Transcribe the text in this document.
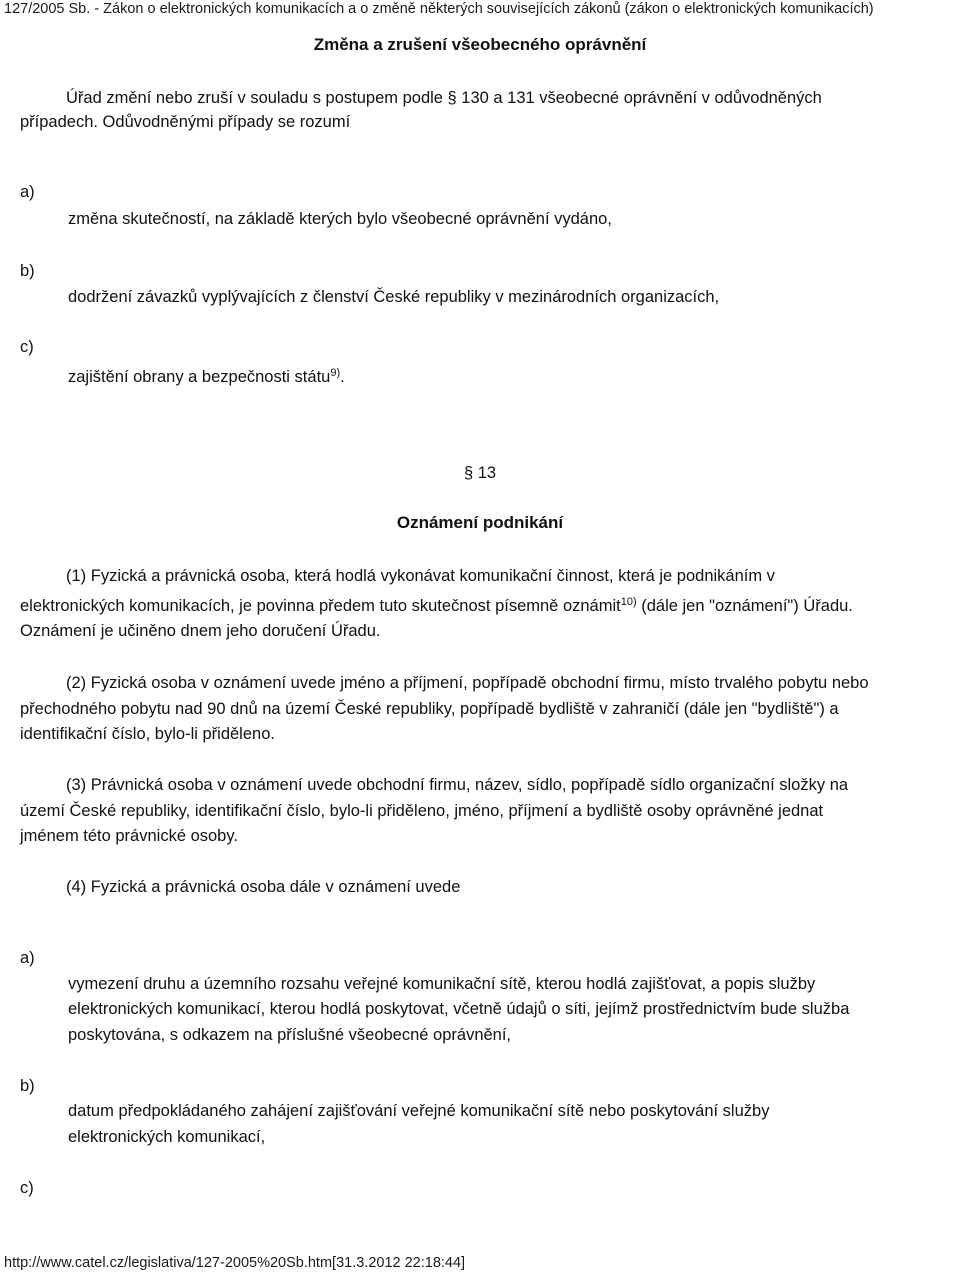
127/2005 Sb. - Zákon o elektronických komunikacích a o změně některých souvisejících zákonů (zákon o elektronických komunikacích)
Změna a zrušení všeobecného oprávnění
Úřad změní nebo zruší v souladu s postupem podle § 130 a 131 všeobecné oprávnění v odůvodněných
případech. Odůvodněnými případy se rozumí
a)
změna skutečností, na základě kterých bylo všeobecné oprávnění vydáno,
b)
dodržení závazků vyplývajících z členství České republiky v mezinárodních organizacích,
c)
zajištění obrany a bezpečnosti státu$^{9)}$.
§ 13
Oznámení podnikání
(1) Fyzická a právnická osoba, která hodlá vykonávat komunikační činnost, která je podnikáním v
elektronických komunikacích, je povinna předem tuto skutečnost písemně oznámit$^{10)}$ (dále jen "oznámení") Úřadu.
Oznámení je učiněno dnem jeho doručení Úřadu.
(2) Fyzická osoba v oznámení uvede jméno a příjmení, popřípadě obchodní firmu, místo trvalého pobytu nebo
přechodného pobytu nad 90 dnů na území České republiky, popřípadě bydliště v zahraničí (dále jen "bydliště") a
identifikační číslo, bylo-li přiděleno.
(3) Právnická osoba v oznámení uvede obchodní firmu, název, sídlo, popřípadě sídlo organizační složky na
území České republiky, identifikační číslo, bylo-li přiděleno, jméno, příjmení a bydliště osoby oprávněné jednat
jménem této právnické osoby.
(4) Fyzická a právnická osoba dále v oznámení uvede
a)
vymezení druhu a územního rozsahu veřejné komunikační sítě, kterou hodlá zajišťovat, a popis služby
elektronických komunikací, kterou hodlá poskytovat, včetně údajů o síti, jejímž prostřednictvím bude služba
poskytována, s odkazem na příslušné všeobecné oprávnění,
b)
datum předpokládaného zahájení zajišťování veřejné komunikační sítě nebo poskytování služby
elektronických komunikací,
c)
http://www.catel.cz/legislativa/127-2005%20Sb.htm[31.3.2012 22:18:44]
